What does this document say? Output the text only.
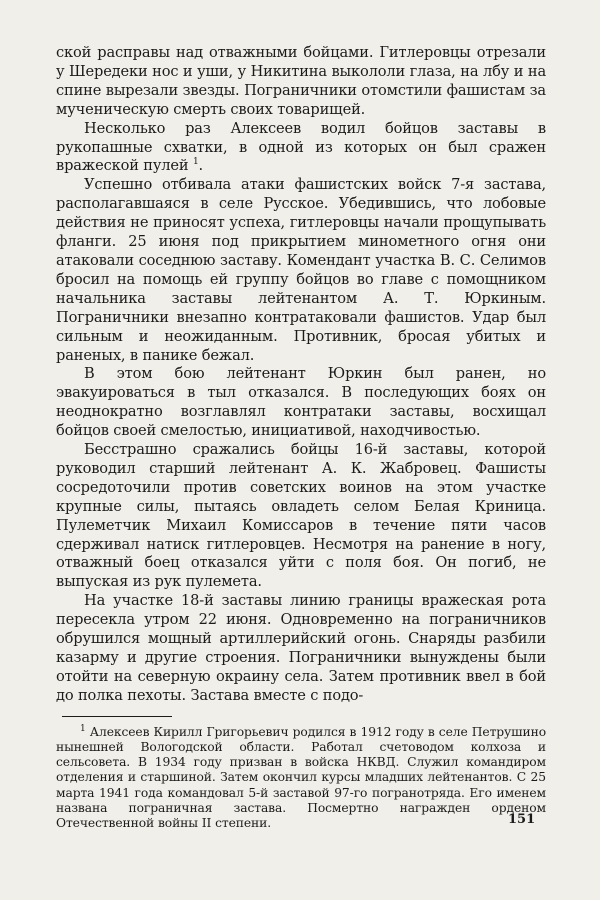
ской расправы над отважными бойцами. Гитлеровцы отрезали у Шередеки нос и уши, у Никитина выкололи глаза, на лбу и на спине вырезали звезды. Пограничники отомстили фашистам за мученическую смерть своих товарищей.

Несколько раз Алексеев водил бойцов заставы в рукопашные схватки, в одной из которых он был сражен вражеской пулей $^1$.

Успешно отбивала атаки фашистских войск 7-я застава, располагавшаяся в селе Русское. Убедившись, что лобовые действия не приносят успеха, гитлеровцы начали прощупывать фланги. 25 июня под прикрытием минометного огня они атаковали соседнюю заставу. Комендант участка В. С. Селимов бросил на помощь ей группу бойцов во главе с помощником начальника заставы лейтенантом А. Т. Юркиным. Пограничники внезапно контратаковали фашистов. Удар был сильным и неожиданным. Противник, бросая убитых и раненых, в панике бежал.

В этом бою лейтенант Юркин был ранен, но эвакуироваться в тыл отказался. В последующих боях он неоднократно возглавлял контратаки заставы, восхищал бойцов своей смелостью, инициативой, находчивостью.

Бесстрашно сражались бойцы 16-й заставы, которой руководил старший лейтенант А. К. Жабровец. Фашисты сосредоточили против советских воинов на этом участке крупные силы, пытаясь овладеть селом Белая Криница. Пулеметчик Михаил Комиссаров в течение пяти часов сдерживал натиск гитлеровцев. Несмотря на ранение в ногу, отважный боец отказался уйти с поля боя. Он погиб, не выпуская из рук пулемета.

На участке 18-й заставы линию границы вражеская рота пересекла утром 22 июня. Одновременно на пограничников обрушился мощный артиллерийский огонь. Снаряды разбили казарму и другие строения. Пограничники вынуждены были отойти на северную окраину села. Затем противник ввел в бой до полка пехоты. Застава вместе с подо-

$^1$ Алексеев Кирилл Григорьевич родился в 1912 году в селе Петрушино нынешней Вологодской области. Работал счетоводом колхоза и сельсовета. В 1934 году призван в войска НКВД. Служил командиром отделения и старшиной. Затем окончил курсы младших лейтенантов. С 25 марта 1941 года командовал 5-й заставой 97-го погранотряда. Его именем названа пограничная застава. Посмертно награжден орденом Отечественной войны II степени.	151
